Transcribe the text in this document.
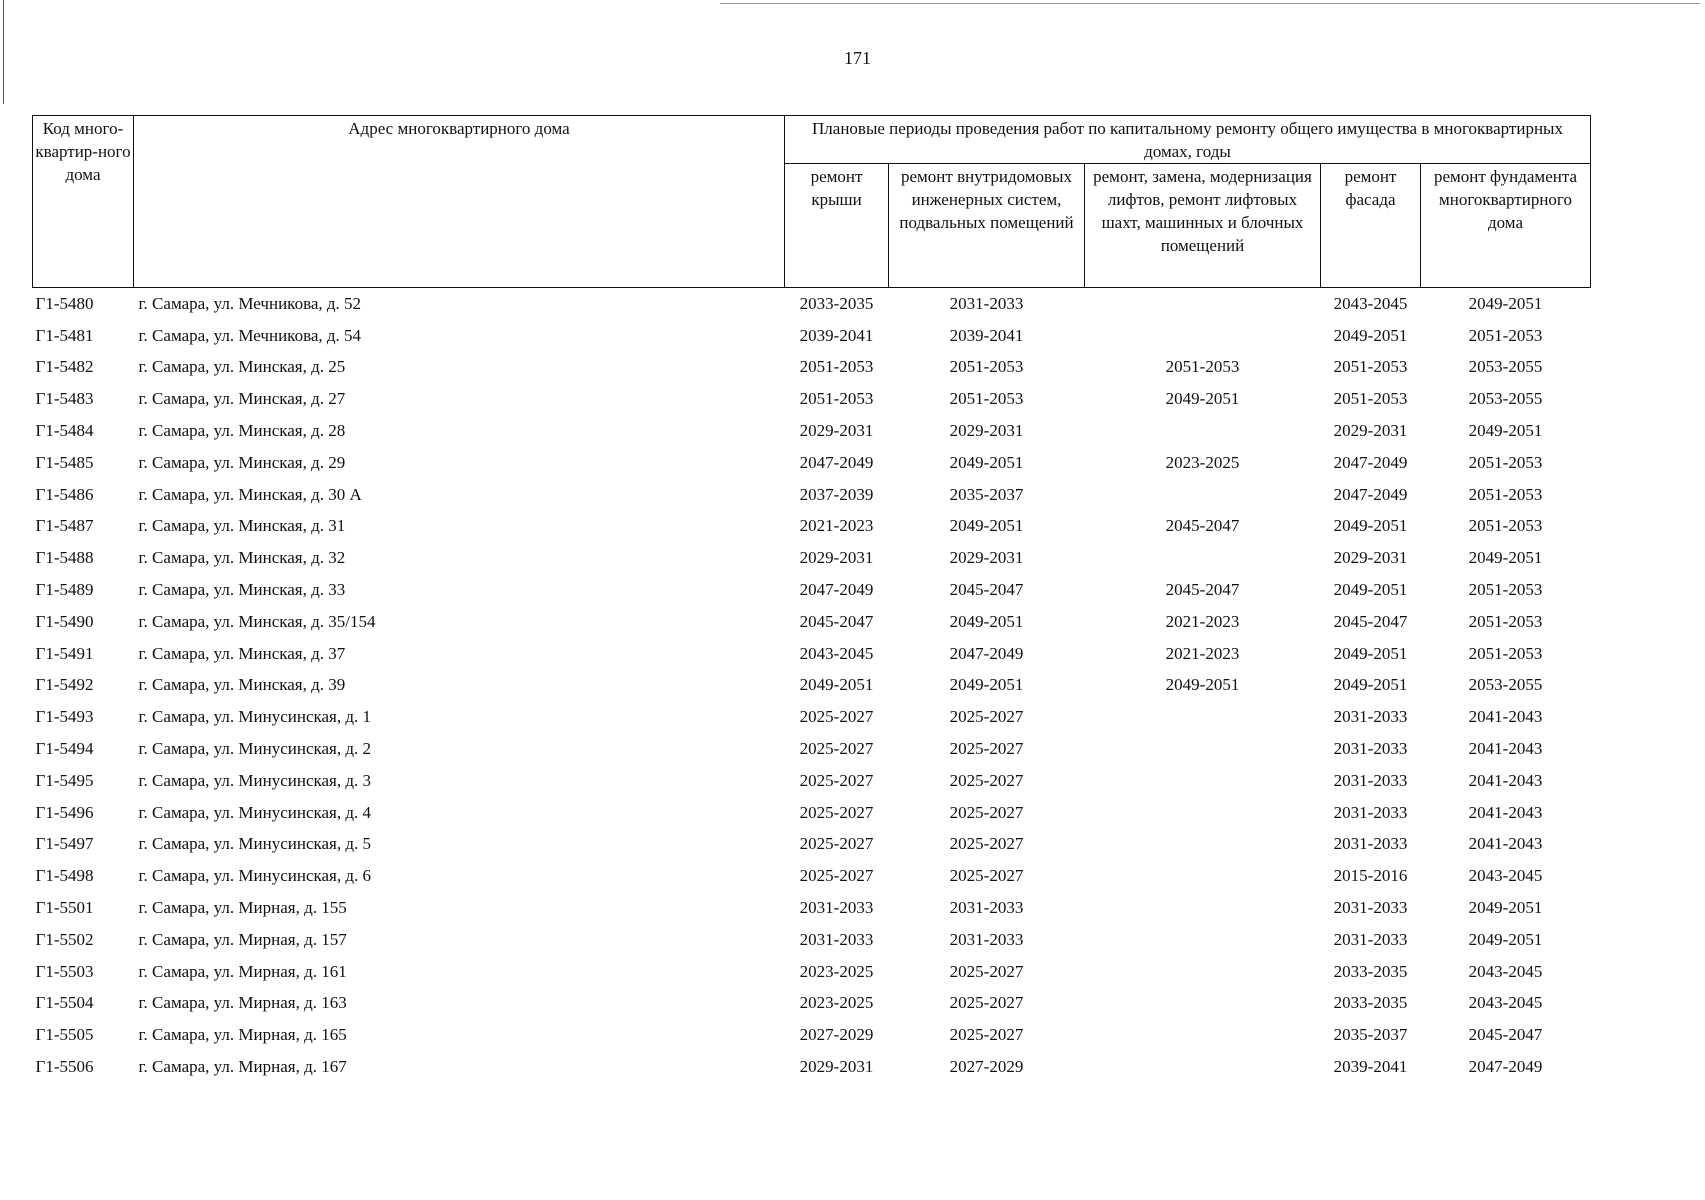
171
Код много-квартир-ного дома	Адрес многоквартирного дома	Плановые периоды проведения работ по капитальному ремонту общего имущества в многоквартирных домах, годы				
		ремонт крыши	ремонт внутридомовых инженерных систем, подвальных помещений	ремонт, замена, модернизация лифтов, ремонт лифтовых шахт, машинных и блочных помещений	ремонт фасада	ремонт фундамента многоквартирного дома
Г1-5480	г. Самара, ул. Мечникова, д. 52	2033-2035	2031-2033		2043-2045	2049-2051
Г1-5481	г. Самара, ул. Мечникова, д. 54	2039-2041	2039-2041		2049-2051	2051-2053
Г1-5482	г. Самара, ул. Минская, д. 25	2051-2053	2051-2053	2051-2053	2051-2053	2053-2055
Г1-5483	г. Самара, ул. Минская, д. 27	2051-2053	2051-2053	2049-2051	2051-2053	2053-2055
Г1-5484	г. Самара, ул. Минская, д. 28	2029-2031	2029-2031		2029-2031	2049-2051
Г1-5485	г. Самара, ул. Минская, д. 29	2047-2049	2049-2051	2023-2025	2047-2049	2051-2053
Г1-5486	г. Самара, ул. Минская, д. 30 А	2037-2039	2035-2037		2047-2049	2051-2053
Г1-5487	г. Самара, ул. Минская, д. 31	2021-2023	2049-2051	2045-2047	2049-2051	2051-2053
Г1-5488	г. Самара, ул. Минская, д. 32	2029-2031	2029-2031		2029-2031	2049-2051
Г1-5489	г. Самара, ул. Минская, д. 33	2047-2049	2045-2047	2045-2047	2049-2051	2051-2053
Г1-5490	г. Самара, ул. Минская, д. 35/154	2045-2047	2049-2051	2021-2023	2045-2047	2051-2053
Г1-5491	г. Самара, ул. Минская, д. 37	2043-2045	2047-2049	2021-2023	2049-2051	2051-2053
Г1-5492	г. Самара, ул. Минская, д. 39	2049-2051	2049-2051	2049-2051	2049-2051	2053-2055
Г1-5493	г. Самара, ул. Минусинская, д. 1	2025-2027	2025-2027		2031-2033	2041-2043
Г1-5494	г. Самара, ул. Минусинская, д. 2	2025-2027	2025-2027		2031-2033	2041-2043
Г1-5495	г. Самара, ул. Минусинская, д. 3	2025-2027	2025-2027		2031-2033	2041-2043
Г1-5496	г. Самара, ул. Минусинская, д. 4	2025-2027	2025-2027		2031-2033	2041-2043
Г1-5497	г. Самара, ул. Минусинская, д. 5	2025-2027	2025-2027		2031-2033	2041-2043
Г1-5498	г. Самара, ул. Минусинская, д. 6	2025-2027	2025-2027		2015-2016	2043-2045
Г1-5501	г. Самара, ул. Мирная, д. 155	2031-2033	2031-2033		2031-2033	2049-2051
Г1-5502	г. Самара, ул. Мирная, д. 157	2031-2033	2031-2033		2031-2033	2049-2051
Г1-5503	г. Самара, ул. Мирная, д. 161	2023-2025	2025-2027		2033-2035	2043-2045
Г1-5504	г. Самара, ул. Мирная, д. 163	2023-2025	2025-2027		2033-2035	2043-2045
Г1-5505	г. Самара, ул. Мирная, д. 165	2027-2029	2025-2027		2035-2037	2045-2047
Г1-5506	г. Самара, ул. Мирная, д. 167	2029-2031	2027-2029		2039-2041	2047-2049
